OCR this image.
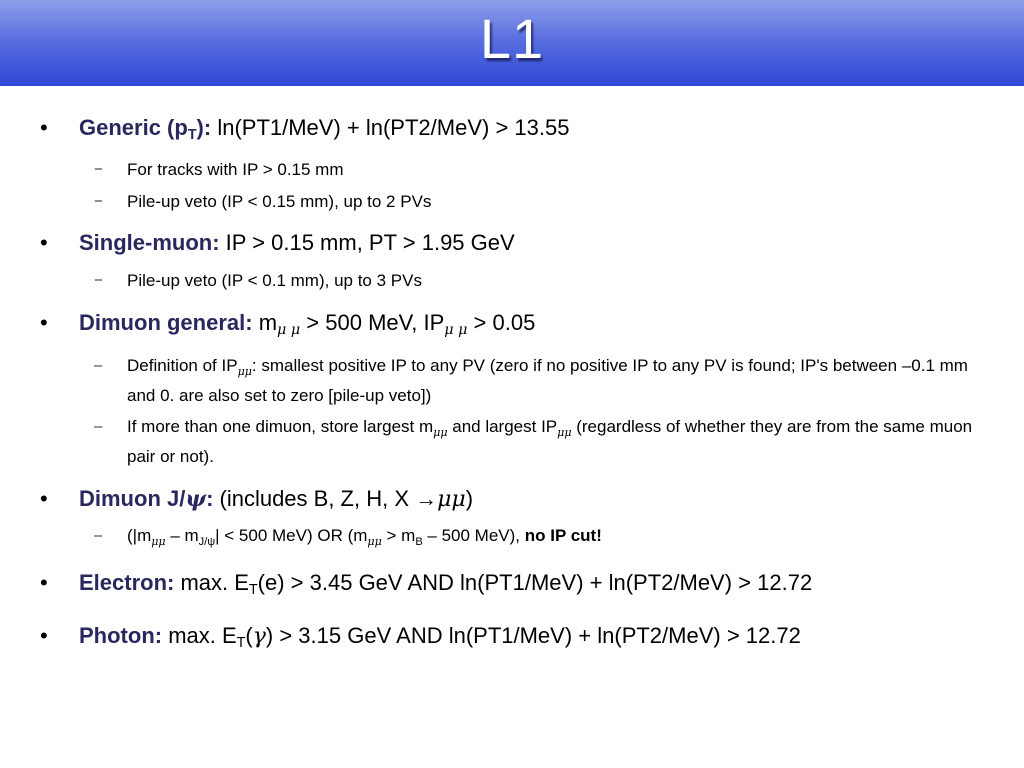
L1
• Generic $(p_T)$: ln(PT1/MeV) + ln(PT2/MeV) > 13.55
− For tracks with IP > 0.15 mm
− Pile-up veto (IP < 0.15 mm), up to 2 PVs
• Single-muon: IP > 0.15 mm, PT > 1.95 GeV
− Pile-up veto (IP < 0.1 mm), up to 3 PVs
• Dimuon general: $m_{\mu \mu} > 500$ MeV, $IP_{\mu \mu} > 0.05$
– Definition of $IP_{\mu\mu}$: smallest positive IP to any PV (zero if no positive IP to any PV is found; IP's between –0.1 mm and 0. are also set to zero [pile-up veto])
– If more than one dimuon, store largest $m_{\mu\mu}$ and largest $IP_{\mu\mu}$ (regardless of whether they are from the same muon pair or not).
• Dimuon J/ψ: (includes B, Z, H, X →μμ)
– ($|m_{\mu\mu} - m_{J/\psi}| < 500$ MeV) OR ($m_{\mu\mu} > m_B - 500$ MeV), no IP cut!
• Electron: max. $E_T(e) > 3.45$ GeV AND ln(PT1/MeV) + ln(PT2/MeV) > 12.72
• Photon: max. $E_T(\gamma) > 3.15$ GeV AND ln(PT1/MeV) + ln(PT2/MeV) > 12.72
